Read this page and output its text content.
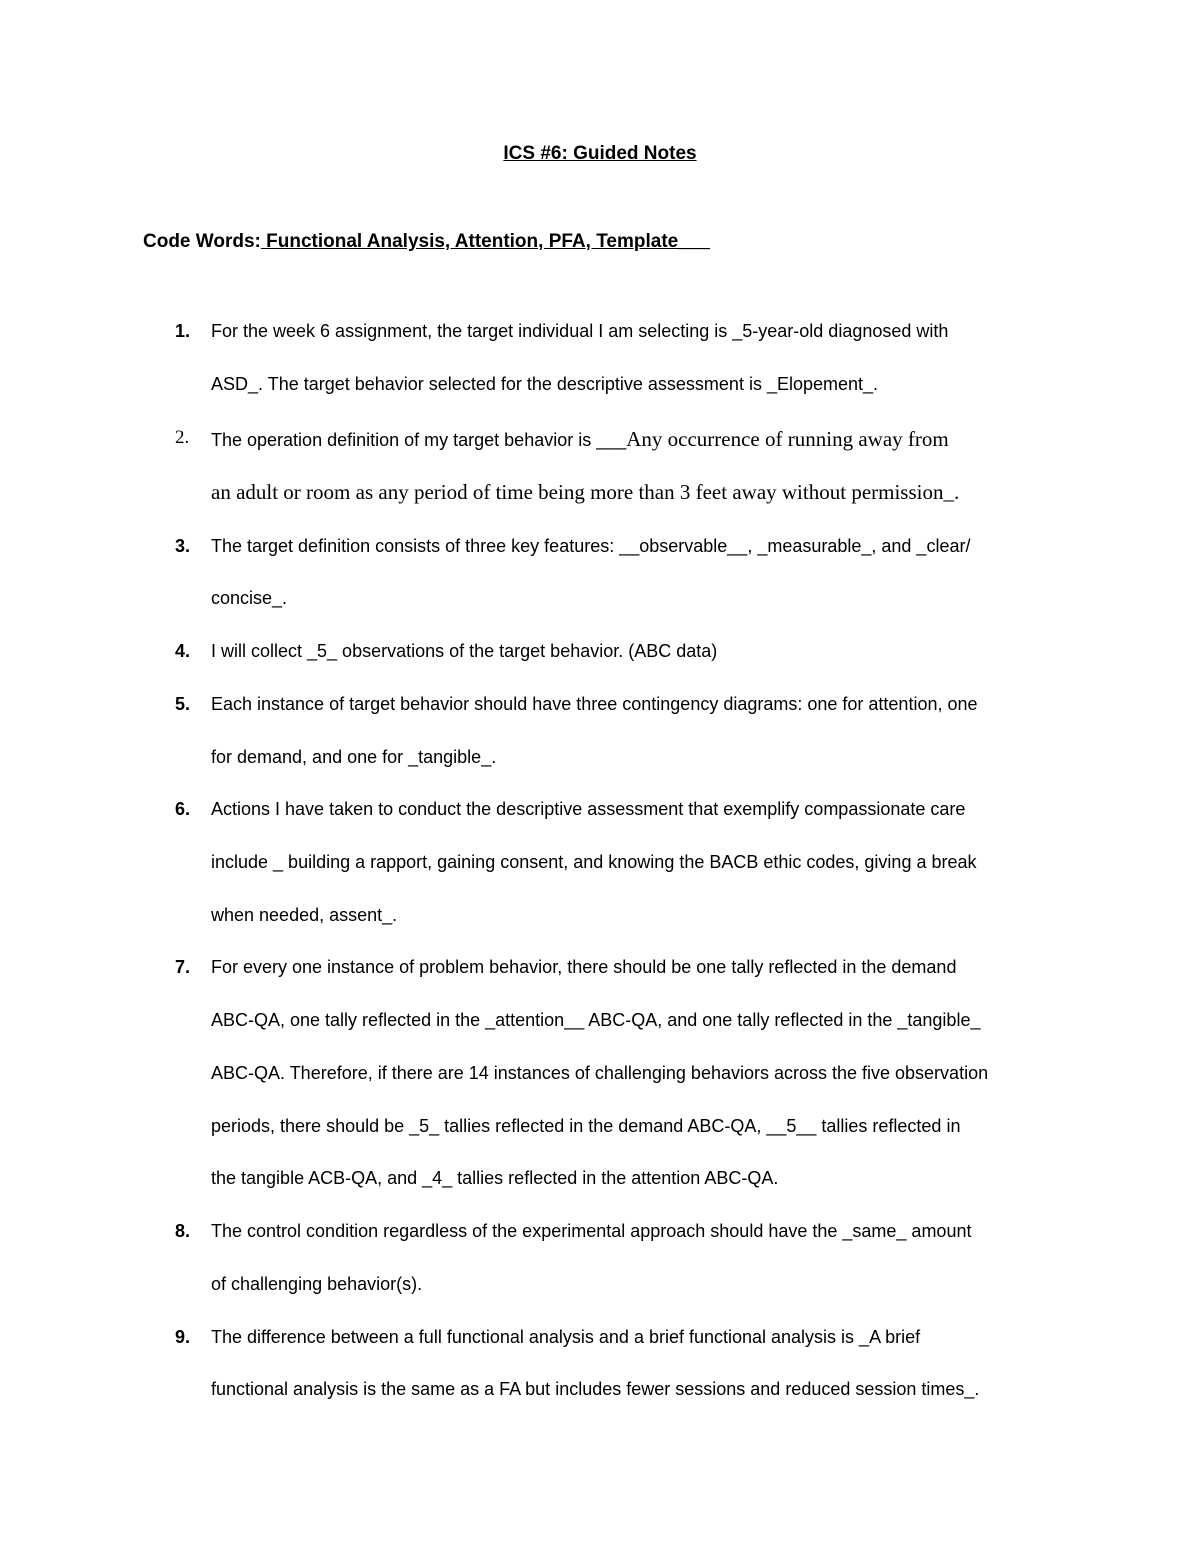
ICS #6: Guided Notes
Code Words: Functional Analysis, Attention, PFA, Template___
1. For the week 6 assignment, the target individual I am selecting is _5-year-old diagnosed with
ASD_. The target behavior selected for the descriptive assessment is _Elopement_.
2. The operation definition of my target behavior is ___Any occurrence of running away from
an adult or room as any period of time being more than 3 feet away without permission_.
3. The target definition consists of three key features: __observable__, _measurable_, and _clear/
concise_.
4. I will collect _5_ observations of the target behavior. (ABC data)
5. Each instance of target behavior should have three contingency diagrams: one for attention, one
for demand, and one for _tangible_.
6. Actions I have taken to conduct the descriptive assessment that exemplify compassionate care
include _ building a rapport, gaining consent, and knowing the BACB ethic codes, giving a break
when needed, assent_.
7. For every one instance of problem behavior, there should be one tally reflected in the demand
ABC-QA, one tally reflected in the _attention__ ABC-QA, and one tally reflected in the _tangible_
ABC-QA. Therefore, if there are 14 instances of challenging behaviors across the five observation
periods, there should be _5_ tallies reflected in the demand ABC-QA, __5__ tallies reflected in
the tangible ACB-QA, and _4_ tallies reflected in the attention ABC-QA.
8. The control condition regardless of the experimental approach should have the _same_ amount
of challenging behavior(s).
9. The difference between a full functional analysis and a brief functional analysis is _A brief
functional analysis is the same as a FA but includes fewer sessions and reduced session times_.
